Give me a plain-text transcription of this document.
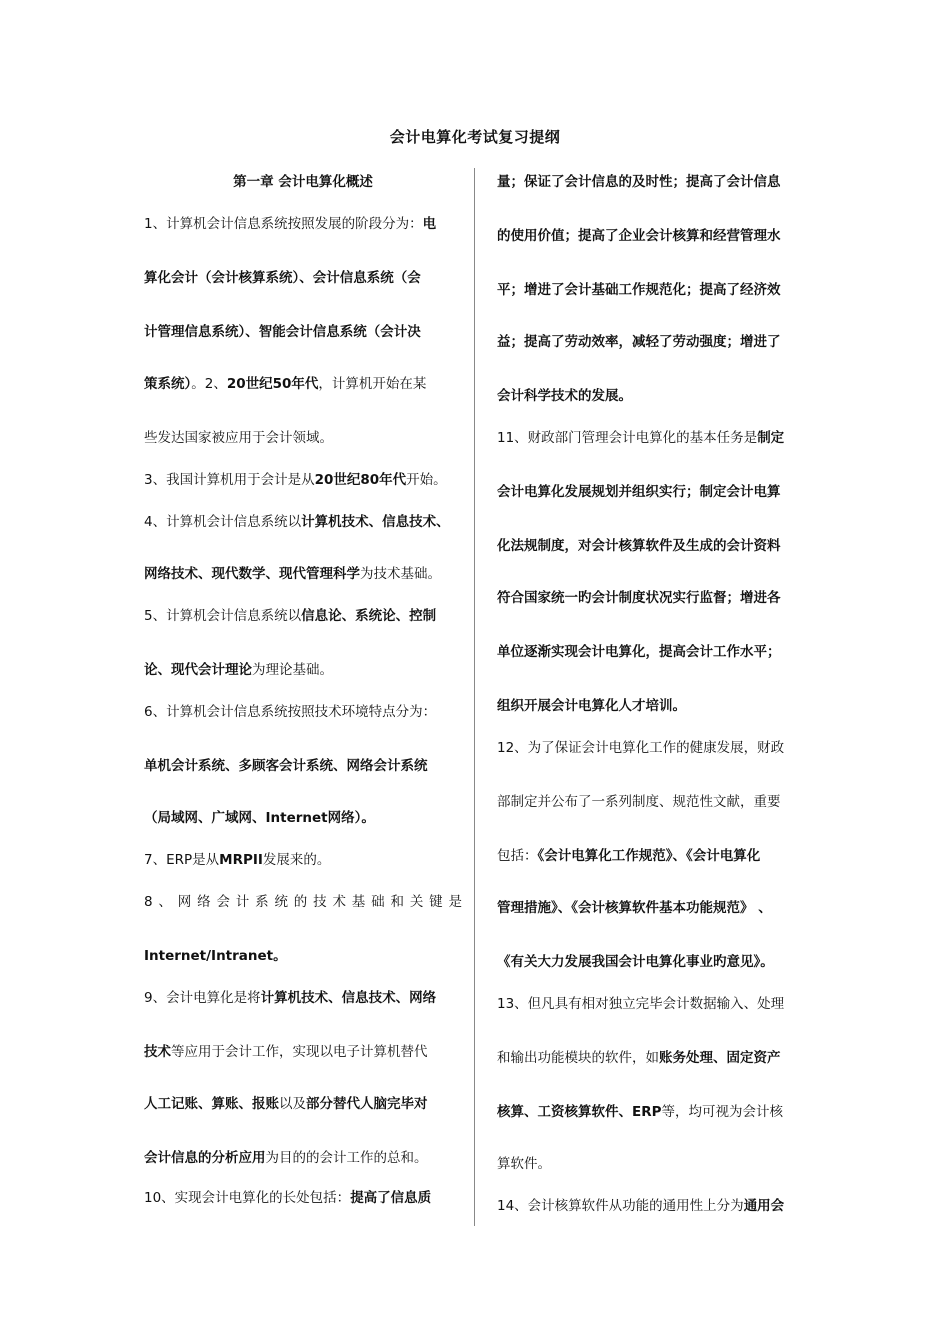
会计电算化考试复习提纲
第一章 会计电算化概述
1、计算机会计信息系统按照发展的阶段分为：电
算化会计（会计核算系统）、会计信息系统（会
计管理信息系统）、智能会计信息系统（会计决
策系统）。2、20世纪50年代，计算机开始在某
些发达国家被应用于会计领域。
3、我国计算机用于会计是从20世纪80年代开始。
4、计算机会计信息系统以计算机技术、信息技术、
网络技术、现代数学、现代管理科学为技术基础。
5、计算机会计信息系统以信息论、系统论、控制
论、现代会计理论为理论基础。
6、计算机会计信息系统按照技术环境特点分为：
单机会计系统、多顾客会计系统、网络会计系统
（局域网、广域网、Internet网络）。
7、ERP是从MRPII发展来的。
8、网络会计系统的技术基础和关键是
Internet/Intranet。
9、会计电算化是将计算机技术、信息技术、网络
技术等应用于会计工作，实现以电子计算机替代
人工记账、算账、报账以及部分替代人脑完毕对
会计信息的分析应用为目的的会计工作的总和。
10、实现会计电算化的长处包括：提高了信息质
量；保证了会计信息的及时性；提高了会计信息
的使用价值；提高了企业会计核算和经营管理水
平；增进了会计基础工作规范化；提高了经济效
益；提高了劳动效率，减轻了劳动强度；增进了
会计科学技术的发展。
11、财政部门管理会计电算化的基本任务是制定
会计电算化发展规划并组织实行；制定会计电算
化法规制度，对会计核算软件及生成的会计资料
符合国家统一旳会计制度状况实行监督；增进各
单位逐渐实现会计电算化，提高会计工作水平；
组织开展会计电算化人才培训。
12、为了保证会计电算化工作的健康发展，财政
部制定并公布了一系列制度、规范性文献，重要
包括：《会计电算化工作规范》、《会计电算化
管理措施》、《会计核算软件基本功能规范》 、
《有关大力发展我国会计电算化事业旳意见》。
13、但凡具有相对独立完毕会计数据输入、处理
和输出功能模块的软件，如账务处理、固定资产
核算、工资核算软件、ERP等，均可视为会计核
算软件。
14、会计核算软件从功能的通用性上分为通用会
